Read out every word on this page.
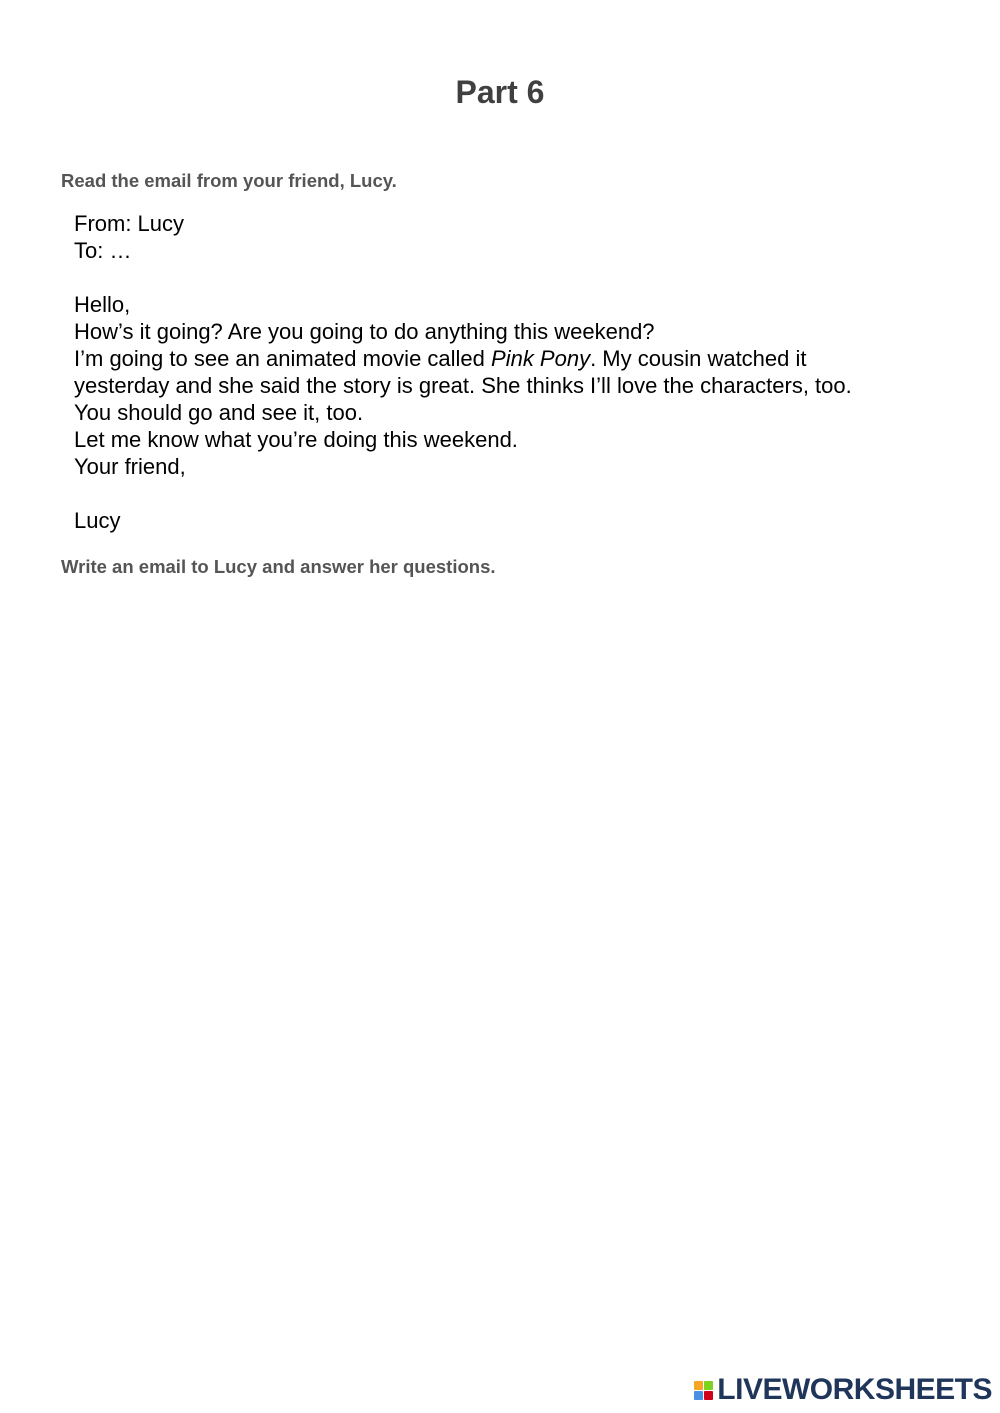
Part 6

Read the email from your friend, Lucy.

From: Lucy
To: …
Hello,
How’s it going? Are you going to do anything this weekend?
I’m going to see an animated movie called Pink Pony. My cousin watched it
yesterday and she said the story is great. She thinks I’ll love the characters, too.
You should go and see it, too.
Let me know what you’re doing this weekend.
Your friend,
Lucy

Write an email to Lucy and answer her questions.

LIVEWORKSHEETS
